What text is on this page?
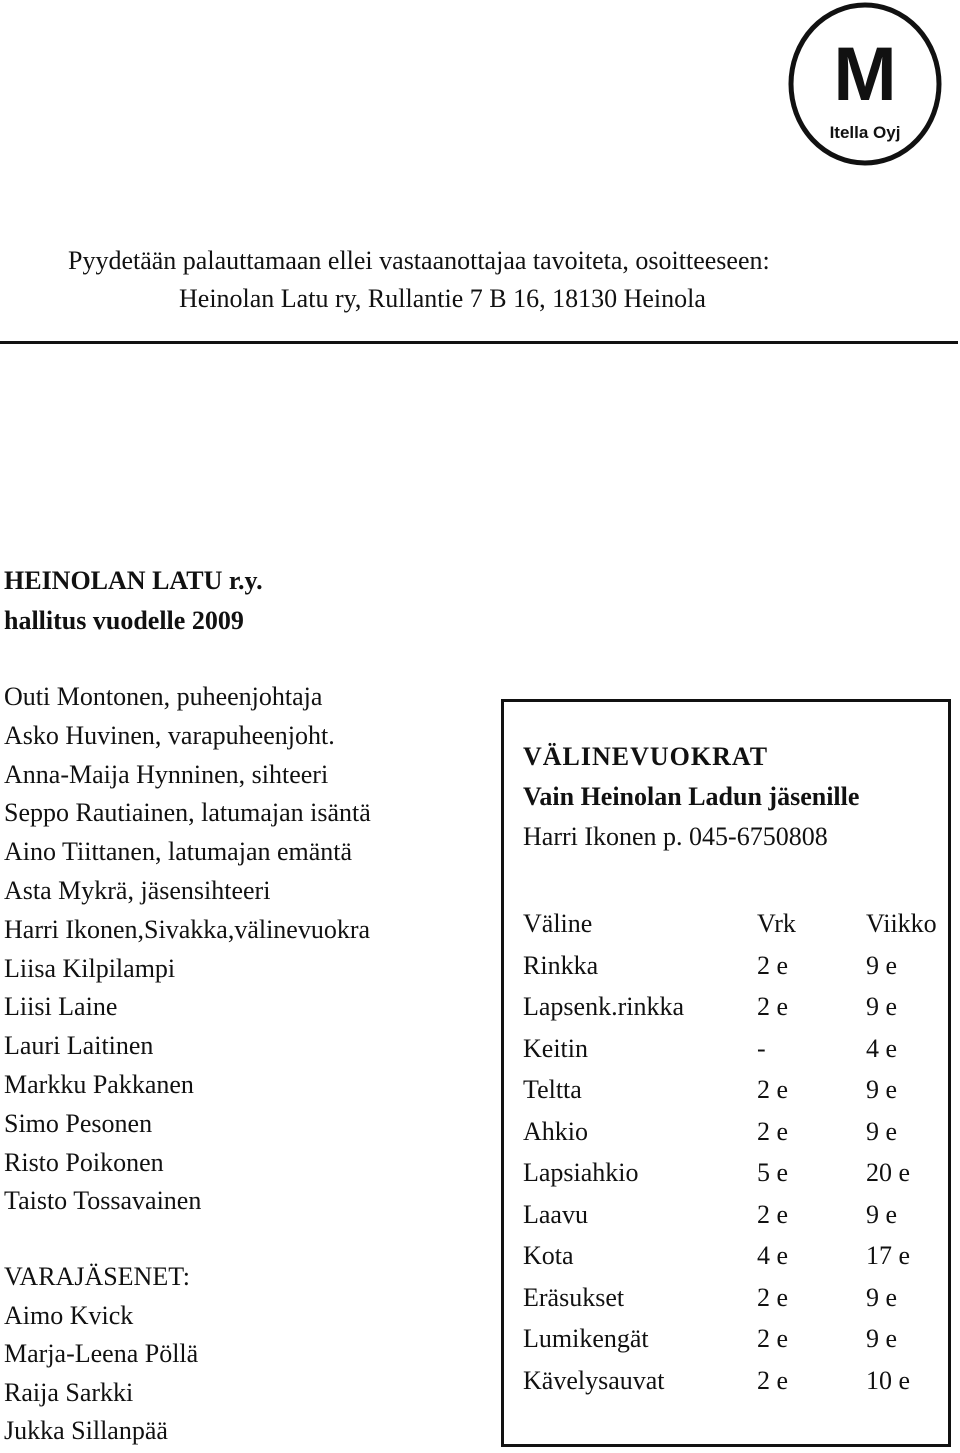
M
Itella Oyj
Pyydetään palauttamaan ellei vastaanottajaa tavoiteta, osoitteeseen:
Heinolan Latu ry, Rullantie 7 B 16, 18130 Heinola
HEINOLAN LATU r.y.
hallitus vuodelle 2009
Outi Montonen, puheenjohtaja
Asko Huvinen, varapuheenjoht.
Anna-Maija Hynninen, sihteeri
Seppo Rautiainen, latumajan isäntä
Aino Tiittanen, latumajan emäntä
Asta Mykrä, jäsensihteeri
Harri Ikonen,Sivakka,välinevuokra
Liisa Kilpilampi
Liisi Laine
Lauri Laitinen
Markku Pakkanen
Simo Pesonen
Risto Poikonen
Taisto Tossavainen
VARAJÄSENET:
Aimo Kvick
Marja-Leena Pöllä
Raija Sarkki
Jukka Sillanpää
VÄLINEVUOKRAT
Vain Heinolan Ladun jäsenille
Harri Ikonen p. 045-6750808
Väline	Vrk	Viikko
Rinkka	2 e	9 e
Lapsenk.rinkka	2 e	9 e
Keitin	-	4 e
Teltta	2 e	9 e
Ahkio	2 e	9 e
Lapsiahkio	5 e	20 e
Laavu	2 e	9 e
Kota	4 e	17 e
Eräsukset	2 e	9 e
Lumikengät	2 e	9 e
Kävelysauvat	2 e	10 e
